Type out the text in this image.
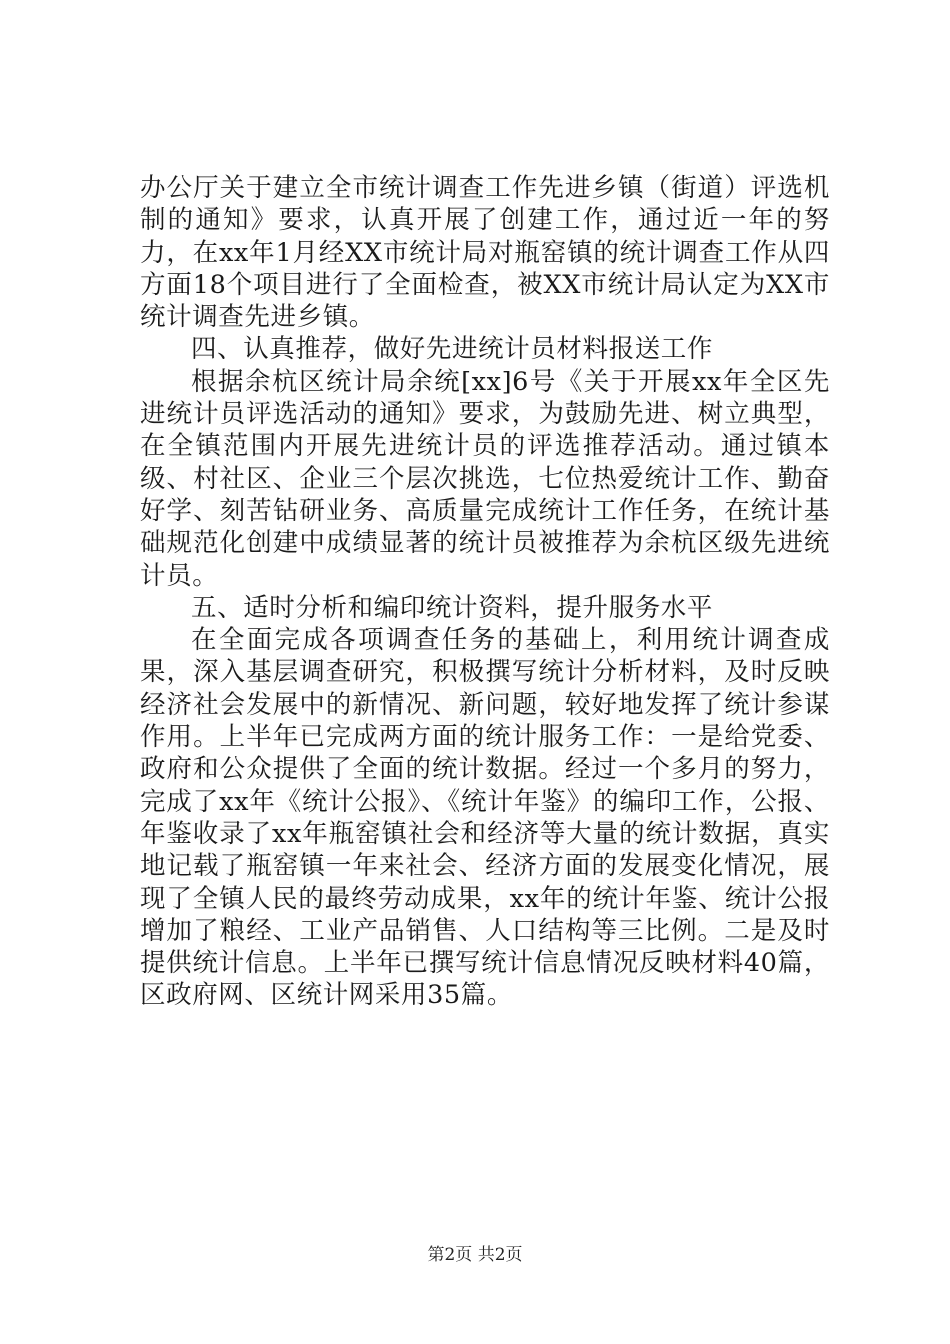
办公厅关于建立全市统计调查工作先进乡镇（街道）评选机制的通知》要求，认真开展了创建工作，通过近一年的努力，在xx年1月经XX市统计局对瓶窑镇的统计调查工作从四方面18个项目进行了全面检查，被XX市统计局认定为XX市统计调查先进乡镇。

四、认真推荐，做好先进统计员材料报送工作

根据余杭区统计局余统[xx]6号《关于开展xx年全区先进统计员评选活动的通知》要求，为鼓励先进、树立典型，在全镇范围内开展先进统计员的评选推荐活动。通过镇本级、村社区、企业三个层次挑选，七位热爱统计工作、勤奋好学、刻苦钻研业务、高质量完成统计工作任务，在统计基础规范化创建中成绩显著的统计员被推荐为余杭区级先进统计员。

五、适时分析和编印统计资料，提升服务水平

在全面完成各项调查任务的基础上，利用统计调查成果，深入基层调查研究，积极撰写统计分析材料，及时反映经济社会发展中的新情况、新问题，较好地发挥了统计参谋作用。上半年已完成两方面的统计服务工作：一是给党委、政府和公众提供了全面的统计数据。经过一个多月的努力，完成了xx年《统计公报》、《统计年鉴》的编印工作，公报、年鉴收录了xx年瓶窑镇社会和经济等大量的统计数据，真实地记载了瓶窑镇一年来社会、经济方面的发展变化情况，展现了全镇人民的最终劳动成果，xx年的统计年鉴、统计公报增加了粮经、工业产品销售、人口结构等三比例。二是及时提供统计信息。上半年已撰写统计信息情况反映材料40篇，区政府网、区统计网采用35篇。

第2页 共2页
